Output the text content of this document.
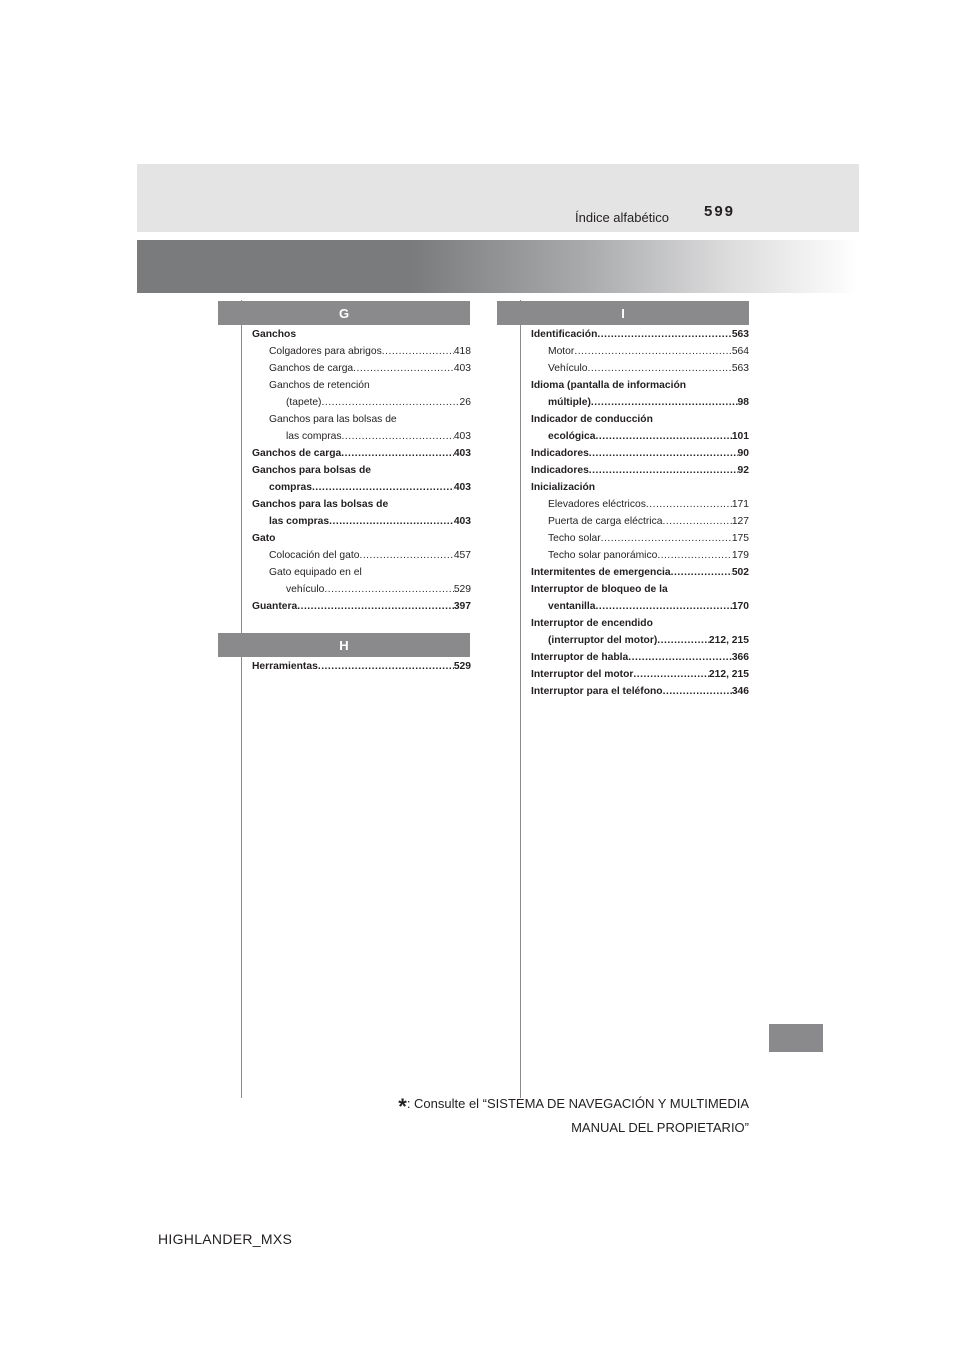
Índice alfabético 599
G
Ganchos
Colgadores para abrigos .....	418
Ganchos de carga .....	403
Ganchos de retención
(tapete) .....	26
Ganchos para las bolsas de
las compras .....	403
Ganchos de carga .....	403
Ganchos para bolsas de
compras .....	403
Ganchos para las bolsas de
las compras .....	403
Gato
Colocación del gato .....	457
Gato equipado en el
vehículo .....	529
Guantera .....	397
H
Herramientas .....	529
I
Identificación .....	563
Motor .....	564
Vehículo .....	563
Idioma (pantalla de información
múltiple) .....	98
Indicador de conducción
ecológica .....	101
Indicadores .....	90
Indicadores .....	92
Inicialización
Elevadores eléctricos .....	171
Puerta de carga eléctrica .....	127
Techo solar .....	175
Techo solar panorámico .....	179
Intermitentes de emergencia .....	502
Interruptor de bloqueo de la
ventanilla .....	170
Interruptor de encendido
(interruptor del motor) .....	212, 215
Interruptor de habla .....	366
Interruptor del motor .....	212, 215
Interruptor para el teléfono .....	346
*: Consulte el “SISTEMA DE NAVEGACIÓN Y MULTIMEDIA
MANUAL DEL PROPIETARIO”
HIGHLANDER_MXS
